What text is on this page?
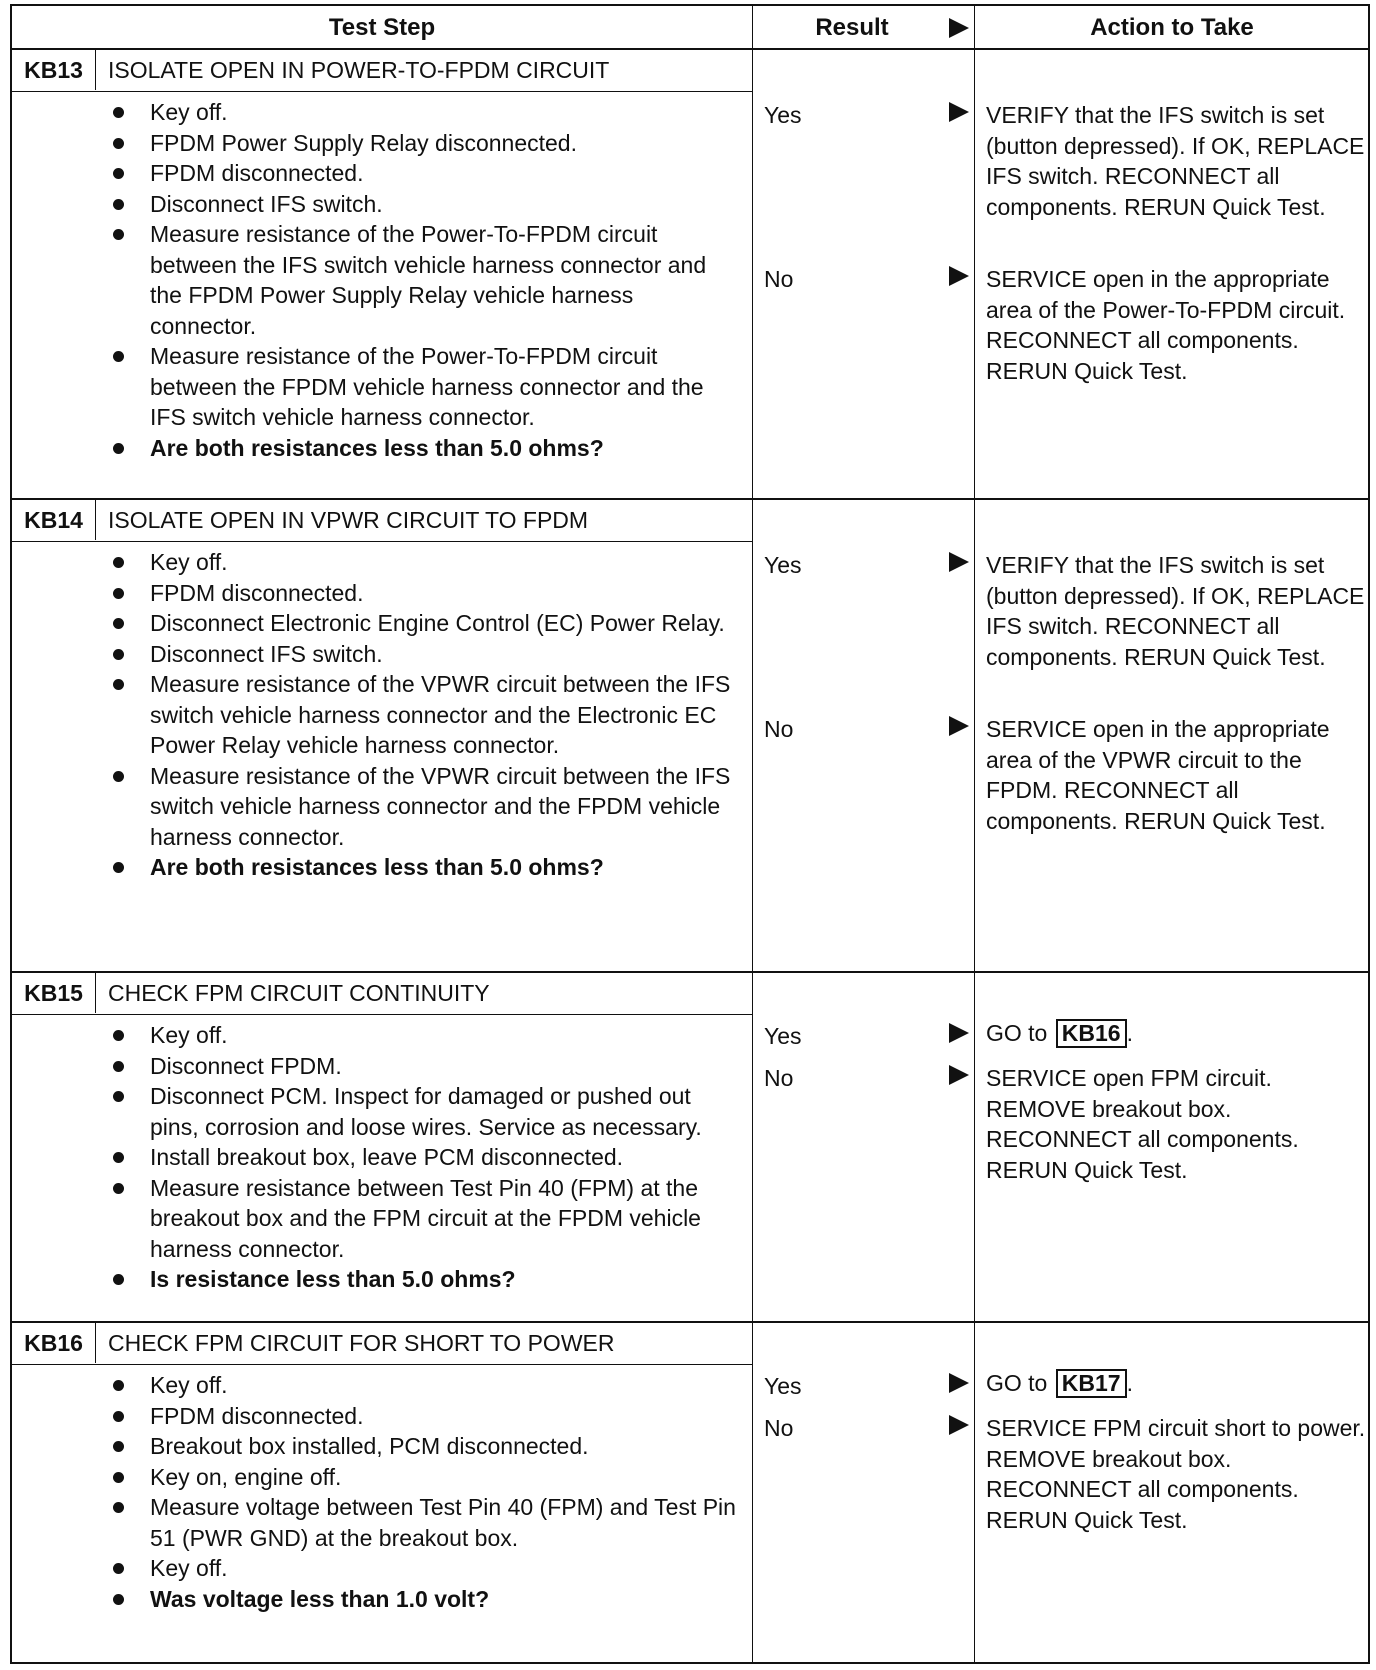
Test Step	Result	Action to Take
KB13	ISOLATE OPEN IN POWER-TO-FPDM CIRCUIT
Key off.
FPDM Power Supply Relay disconnected.
FPDM disconnected.
Disconnect IFS switch.
Measure resistance of the Power-To-FPDM circuit between the IFS switch vehicle harness connector and the FPDM Power Supply Relay vehicle harness connector.
Measure resistance of the Power-To-FPDM circuit between the FPDM vehicle harness connector and the IFS switch vehicle harness connector.
Are both resistances less than 5.0 ohms?
Yes	VERIFY that the IFS switch is set (button depressed). If OK, REPLACE IFS switch. RECONNECT all components. RERUN Quick Test.
No	SERVICE open in the appropriate area of the Power-To-FPDM circuit. RECONNECT all components. RERUN Quick Test.
KB14	ISOLATE OPEN IN VPWR CIRCUIT TO FPDM
Key off.
FPDM disconnected.
Disconnect Electronic Engine Control (EC) Power Relay.
Disconnect IFS switch.
Measure resistance of the VPWR circuit between the IFS switch vehicle harness connector and the Electronic EC Power Relay vehicle harness connector.
Measure resistance of the VPWR circuit between the IFS switch vehicle harness connector and the FPDM vehicle harness connector.
Are both resistances less than 5.0 ohms?
Yes	VERIFY that the IFS switch is set (button depressed). If OK, REPLACE IFS switch. RECONNECT all components. RERUN Quick Test.
No	SERVICE open in the appropriate area of the VPWR circuit to the FPDM. RECONNECT all components. RERUN Quick Test.
KB15	CHECK FPM CIRCUIT CONTINUITY
Key off.
Disconnect FPDM.
Disconnect PCM. Inspect for damaged or pushed out pins, corrosion and loose wires. Service as necessary.
Install breakout box, leave PCM disconnected.
Measure resistance between Test Pin 40 (FPM) at the breakout box and the FPM circuit at the FPDM vehicle harness connector.
Is resistance less than 5.0 ohms?
Yes	GO to KB16 .
No	SERVICE open FPM circuit. REMOVE breakout box. RECONNECT all components. RERUN Quick Test.
KB16	CHECK FPM CIRCUIT FOR SHORT TO POWER
Key off.
FPDM disconnected.
Breakout box installed, PCM disconnected.
Key on, engine off.
Measure voltage between Test Pin 40 (FPM) and Test Pin 51 (PWR GND) at the breakout box.
Key off.
Was voltage less than 1.0 volt?
Yes	GO to KB17 .
No	SERVICE FPM circuit short to power. REMOVE breakout box. RECONNECT all components. RERUN Quick Test.
